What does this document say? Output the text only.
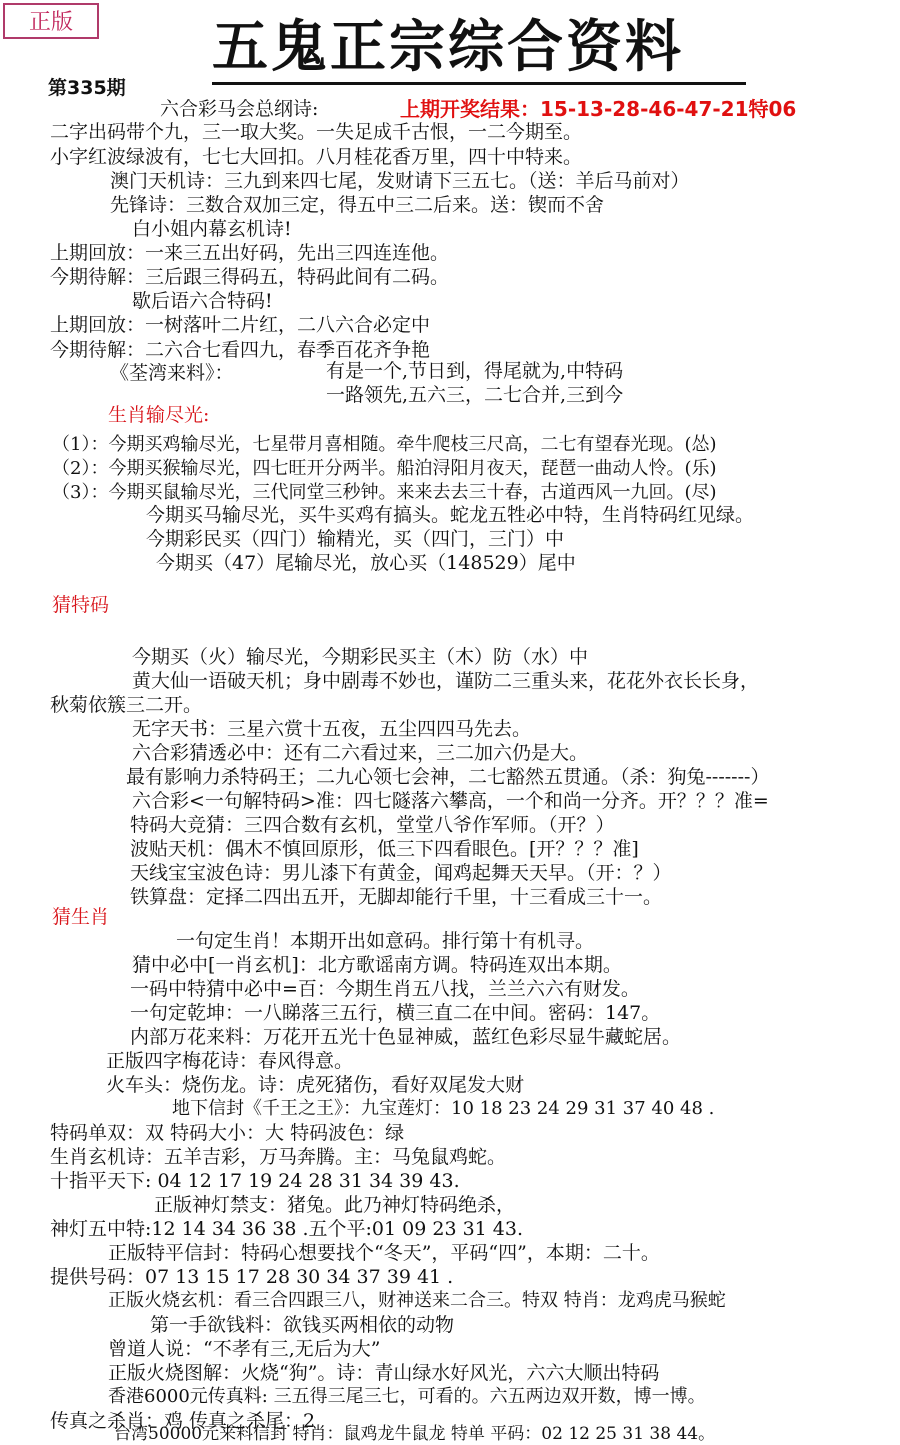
正版	五鬼正宗综合资料
第335期
上期开奖结果：15-13-28-46-47-21特06
六合彩马会总纲诗:
二字出码带个九，三一取大奖。一失足成千古恨，一二今期至。
小字红波绿波有，七七大回扣。八月桂花香万里，四十中特来。
澳门天机诗：三九到来四七尾，发财请下三五七。（送：羊后马前对）
先锋诗：三数合双加三定，得五中三二后来。送：锲而不舍
白小姐内幕玄机诗!
上期回放：一来三五出好码，先出三四连连他。
今期待解：三后跟三得码五，特码此间有二码。
歇后语六合特码!
上期回放：一树落叶二片红，二八六合必定中
今期待解：二六合七看四九，春季百花齐争艳
《荃湾来料》：	有是一个,节日到，得尾就为,中特码
一路领先,五六三，二七合并,三到今
生肖输尽光:
（1）：今期买鸡输尽光，七星带月喜相随。牵牛爬枝三尺高，二七有望春光现。(怂)
（2）：今期买猴输尽光，四七旺开分两半。船泊浔阳月夜天，琵琶一曲动人怜。(乐)
（3）：今期买鼠输尽光，三代同堂三秒钟。来来去去三十春，古道西风一九回。(尽)
今期买马输尽光，买牛买鸡有搞头。蛇龙五牲必中特，生肖特码红见绿。
今期彩民买（四门）输精光，买（四门，三门）中
今期买（47）尾输尽光，放心买（148529）尾中
猜特码
今期买（火）输尽光，今期彩民买主（木）防（水）中
黄大仙一语破天机；身中剧毒不妙也，谨防二三重头来，花花外衣长长身，
秋菊依簇三二开。
无字天书：三星六赏十五夜，五尘四四马先去。
六合彩猜透必中：还有二六看过来，三二加六仍是大。
最有影响力杀特码王；二九心领七会神，二七豁然五贯通。（杀：狗兔-------）
六合彩<一句解特码>准：四七隧落六攀高，一个和尚一分齐。开？？？准=
特码大竞猜：三四合数有玄机，堂堂八爷作军师。（开？）
波贴天机：偶木不慎回原形，低三下四看眼色。[开？？？准]
天线宝宝波色诗：男儿漆下有黄金，闻鸡起舞天天早。（开：？）
铁算盘：定择二四出五开，无脚却能行千里，十三看成三十一。
猜生肖
一句定生肖！本期开出如意码。排行第十有机寻。
猜中必中[一肖玄机]：北方歌谣南方调。特码连双出本期。
一码中特猜中必中=百：今期生肖五八找，兰兰六六有财发。
一句定乾坤：一八睇落三五行，横三直二在中间。密码：147。
内部万花来料：万花开五光十色显神威，蓝红色彩尽显牛藏蛇居。
正版四字梅花诗：春风得意。
火车头：烧伤龙。诗：虎死猪伤，看好双尾发大财
地下信封《千王之王》：九宝莲灯：10 18 23 24 29 31 37 40 48 .
特码单双：双 特码大小：大 特码波色：绿
生肖玄机诗：五羊吉彩，万马奔腾。主：马兔鼠鸡蛇。
十指平天下: 04 12 17 19 24 28 31 34 39 43.
正版神灯禁支：猪兔。此乃神灯特码绝杀，
神灯五中特:12 14 34 36 38 .五个平:01 09 23 31 43.
正版特平信封：特码心想要找个“冬天”，平码“四”，本期：二十。
提供号码：07 13 15 17 28 30 34 37 39 41 .
正版火烧玄机：看三合四跟三八，财神送来二合三。特双 特肖：龙鸡虎马猴蛇
第一手欲钱料：欲钱买两相依的动物
曾道人说：“不孝有三,无后为大”
正版火烧图解：火烧“狗”。诗：青山绿水好风光，六六大顺出特码
香港6000元传真料: 三五得三尾三七，可看的。六五两边双开数，博一博。
传真之杀肖：鸡 传真之杀尾：2
台湾50000元来料信封 特肖：鼠鸡龙牛鼠龙 特单 平码：02 12 25 31 38 44。
